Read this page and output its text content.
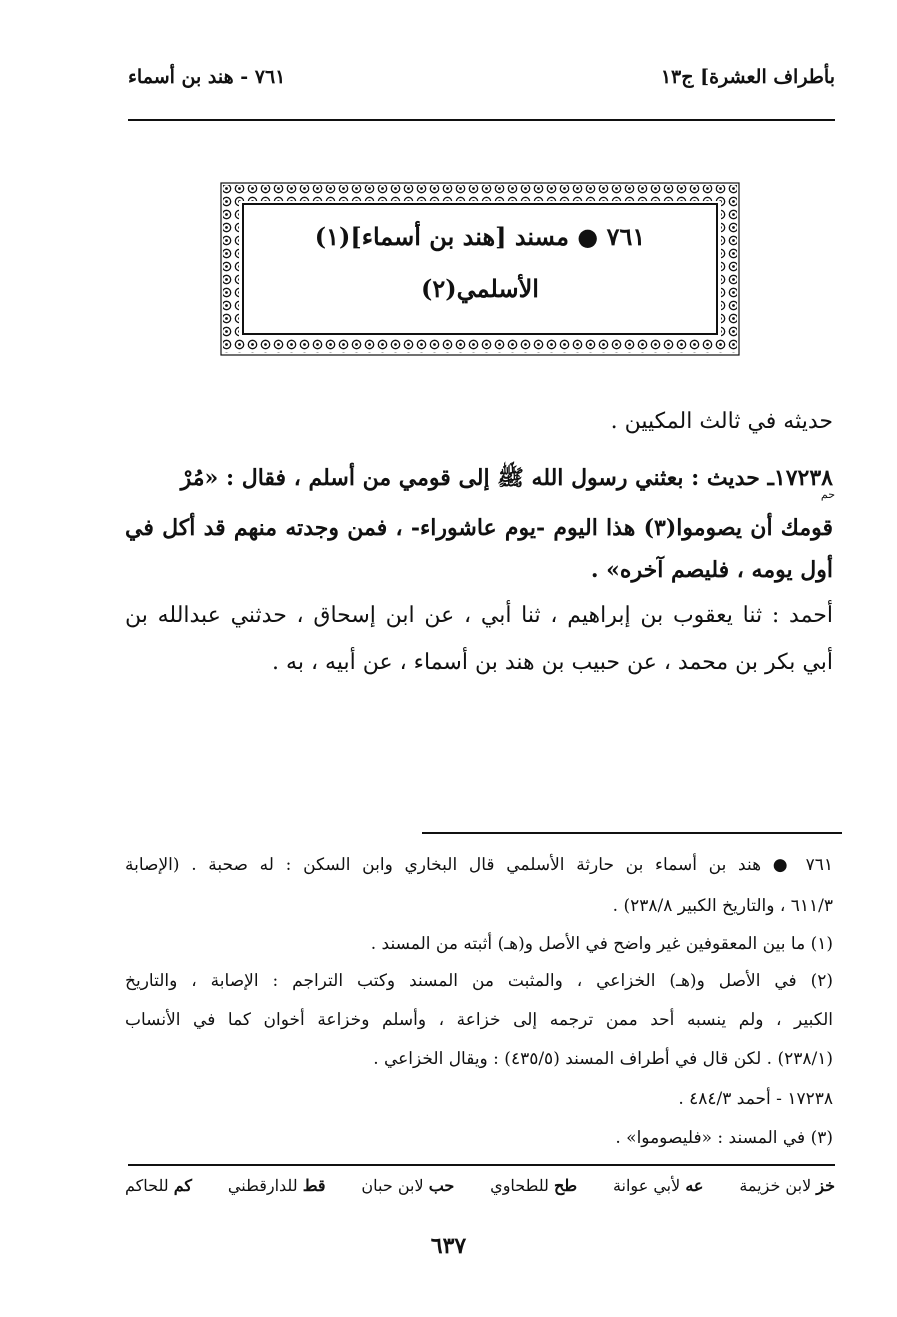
بأطراف العشرة] ج١٣
٧٦١ - هند بن أسماء
٧٦١ ● مسند [هند بن أسماء](١)
الأسلمي(٢)
حديثه في ثالث المكيين .
١٧٢٣٨ـ حديث : بعثني رسول الله ﷺ إلى قومي من أسلم ، فقال : «مُرْ
حم
قومك أن يصوموا(٣) هذا اليوم -يوم عاشوراء- ، فمن وجدته منهم قد أكل في
أول يومه ، فليصم آخره» .
أحمد : ثنا يعقوب بن إبراهيم ، ثنا أبي ، عن ابن إسحاق ، حدثني عبدالله بن
أبي بكر بن محمد ، عن حبيب بن هند بن أسماء ، عن أبيه ، به .
٧٦١ ● هند بن أسماء بن حارثة الأسلمي قال البخاري وابن السكن : له صحبة . (الإصابة
٦١١/٣ ، والتاريخ الكبير ٢٣٨/٨) .
(١) ما بين المعقوفين غير واضح في الأصل و(هـ) أثبته من المسند .
(٢) في الأصل و(هـ) الخزاعي ، والمثبت من المسند وكتب التراجم : الإصابة ، والتاريخ
الكبير ، ولم ينسبه أحد ممن ترجمه إلى خزاعة ، وأسلم وخزاعة أخوان كما في الأنساب
(٢٣٨/١) . لكن قال في أطراف المسند (٤٣٥/٥) : ويقال الخزاعي .
١٧٢٣٨ - أحمد ٤٨٤/٣ .
(٣) في المسند : «فليصوموا» .
خز لابن خزيمة
عه لأبي عوانة
طح للطحاوي
حب لابن حبان
قط للدارقطني
كم للحاكم
٦٣٧
